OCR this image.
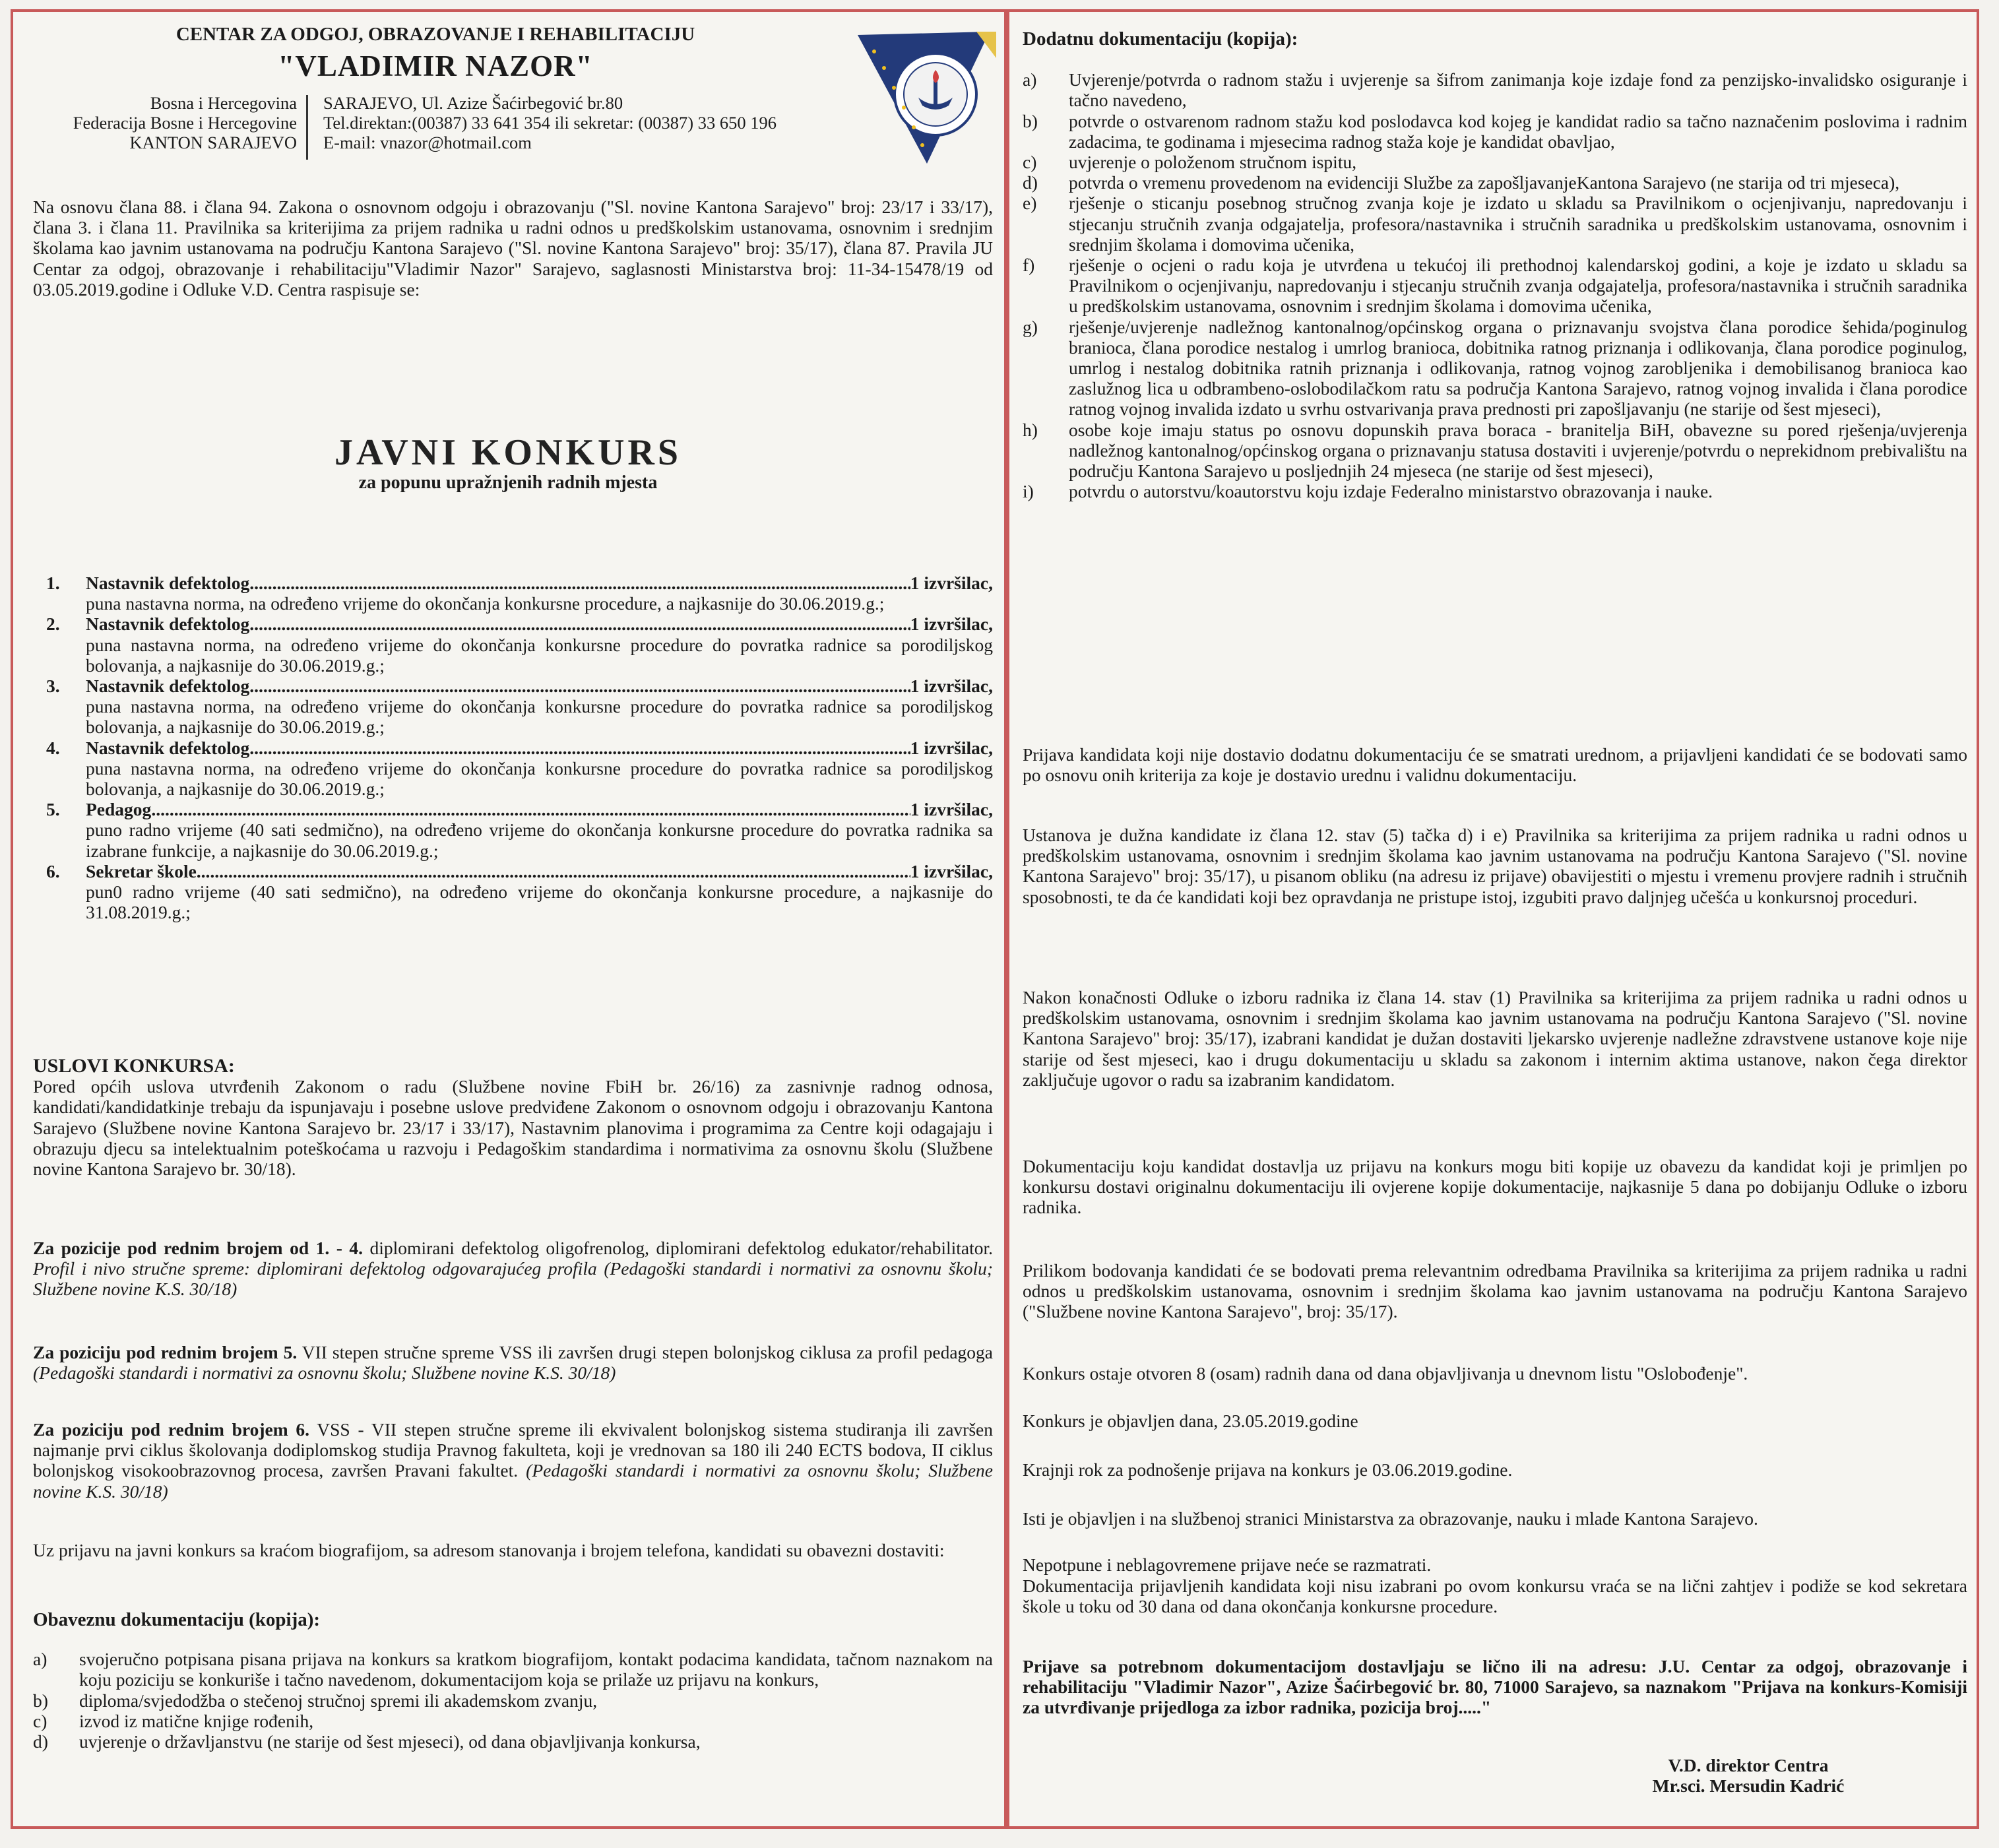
CENTAR ZA ODGOJ, OBRAZOVANJE I REHABILITACIJU
"VLADIMIR NAZOR"
Bosna i Hercegovina
Federacija Bosne i Hercegovine
KANTON SARAJEVO
SARAJEVO, Ul. Azize Šaćirbegović br.80
Tel.direktan:(00387) 33 641 354 ili sekretar: (00387) 33 650 196
E-mail: vnazor@hotmail.com

Na osnovu člana 88. i člana 94. Zakona o osnovnom odgoju i obrazovanju ("Sl. novine Kantona Sarajevo" broj: 23/17 i 33/17), člana 3. i člana 11. Pravilnika sa kriterijima za prijem radnika u radni odnos u predškolskim ustanovama, osnovnim i srednjim školama kao javnim ustanovama na području Kantona Sarajevo ("Sl. novine Kantona Sarajevo" broj: 35/17), člana 87. Pravila JU Centar za odgoj, obrazovanje i rehabilitaciju"Vladimir Nazor" Sarajevo, saglasnosti Ministarstva broj: 11-34-15478/19 od 03.05.2019.godine i Odluke V.D. Centra raspisuje se:

JAVNI KONKURS
za popunu upražnjenih radnih mjesta
1. Nastavnik defektolog .....	1 izvršilac,
puna nastavna norma, na određeno vrijeme do okončanja konkursne procedure, a najkasnije do 30.06.2019.g.;
2. Nastavnik defektolog .....	1 izvršilac,
puna nastavna norma, na određeno vrijeme do okončanja konkursne procedure do povratka radnice sa porodiljskog bolovanja, a najkasnije do 30.06.2019.g.;
3. Nastavnik defektolog .....	1 izvršilac,
puna nastavna norma, na određeno vrijeme do okončanja konkursne procedure do povratka radnice sa porodiljskog bolovanja, a najkasnije do 30.06.2019.g.;
4. Nastavnik defektolog .....	1 izvršilac,
puna nastavna norma, na određeno vrijeme do okončanja konkursne procedure do povratka radnice sa porodiljskog bolovanja, a najkasnije do 30.06.2019.g.;
5. Pedagog .....	1 izvršilac,
puno radno vrijeme (40 sati sedmično), na određeno vrijeme do okončanja konkursne procedure do povratka radnika sa izabrane funkcije, a najkasnije do 30.06.2019.g.;
6. Sekretar škole .....	1 izvršilac,
pun0 radno vrijeme (40 sati sedmično), na određeno vrijeme do okončanja konkursne procedure, a najkasnije do 31.08.2019.g.;
USLOVI KONKURSA:

Pored općih uslova utvrđenih Zakonom o radu (Službene novine FbiH br. 26/16) za zasnivnje radnog odnosa, kandidati/kandidatkinje trebaju da ispunjavaju i posebne uslove predviđene Zakonom o osnovnom odgoju i obrazovanju Kantona Sarajevo (Službene novine Kantona Sarajevo br. 23/17 i 33/17), Nastavnim planovima i programima za Centre koji odagajaju i obrazuju djecu sa intelektualnim poteškoćama u razvoju i Pedagoškim standardima i normativima za osnovnu školu (Službene novine Kantona Sarajevo br. 30/18).

Za pozicije pod rednim brojem od 1. - 4. diplomirani defektolog oligofrenolog, diplomirani defektolog edukator/rehabilitator. Profil i nivo stručne spreme: diplomirani defektolog odgovarajućeg profila (Pedagoški standardi i normativi za osnovnu školu; Službene novine K.S. 30/18)
Za poziciju pod rednim brojem 5. VII stepen stručne spreme VSS ili završen drugi stepen bolonjskog ciklusa za profil pedagoga (Pedagoški standardi i normativi za osnovnu školu; Službene novine K.S. 30/18)
Za poziciju pod rednim brojem 6. VSS - VII stepen stručne spreme ili ekvivalent bolonjskog sistema studiranja ili završen najmanje prvi ciklus školovanja dodiplomskog studija Pravnog fakulteta, koji je vrednovan sa 180 ili 240 ECTS bodova, II ciklus bolonjskog visokoobrazovnog procesa, završen Pravani fakultet. (Pedagoški standardi i normativi za osnovnu školu; Službene novine K.S. 30/18)
Uz prijavu na javni konkurs sa kraćom biografijom, sa adresom stanovanja i brojem telefona, kandidati su obavezni dostaviti:
Obaveznu dokumentaciju (kopija):
a) svojeručno potpisana pisana prijava na konkurs sa kratkom biografijom, kontakt podacima kandidata, tačnom naznakom na koju poziciju se konkuriše i tačno navedenom, dokumentacijom koja se prilaže uz prijavu na konkurs,
b) diploma/svjedodžba o stečenoj stručnoj spremi ili akademskom zvanju,
c) izvod iz matične knjige rođenih,
d) uvjerenje o državljanstvu (ne starije od šest mjeseci), od dana objavljivanja konkursa,
Dodatnu dokumentaciju (kopija):
a) Uvjerenje/potvrda o radnom stažu i uvjerenje sa šifrom zanimanja koje izdaje fond za penzijsko-invalidsko osiguranje i tačno navedeno,
b) potvrde o ostvarenom radnom stažu kod poslodavca kod kojeg je kandidat radio sa tačno naznačenim poslovima i radnim zadacima, te godinama i mjesecima radnog staža koje je kandidat obavljao,
c) uvjerenje o položenom stručnom ispitu,
d) potvrda o vremenu provedenom na evidenciji Službe za zapošljavanjeKantona Sarajevo (ne starija od tri mjeseca),
e) rješenje o sticanju posebnog stručnog zvanja koje je izdato u skladu sa Pravilnikom o ocjenjivanju, napredovanju i stjecanju stručnih zvanja odgajatelja, profesora/nastavnika i stručnih saradnika u predškolskim ustanovama, osnovnim i srednjim školama i domovima učenika,
f) rješenje o ocjeni o radu koja je utvrđena u tekućoj ili prethodnoj kalendarskoj godini, a koje je izdato u skladu sa Pravilnikom o ocjenjivanju, napredovanju i stjecanju stručnih zvanja odgajatelja, profesora/nastavnika i stručnih saradnika u predškolskim ustanovama, osnovnim i srednjim školama i domovima učenika,
g) rješenje/uvjerenje nadležnog kantonalnog/općinskog organa o priznavanju svojstva člana porodice šehida/poginulog branioca, člana porodice nestalog i umrlog branioca, dobitnika ratnog priznanja i odlikovanja, člana porodice poginulog, umrlog i nestalog dobitnika ratnih priznanja i odlikovanja, ratnog vojnog zarobljenika i demobilisanog branioca kao zaslužnog lica u odbrambeno-oslobodilačkom ratu sa područja Kantona Sarajevo, ratnog vojnog invalida i člana porodice ratnog vojnog invalida izdato u svrhu ostvarivanja prava prednosti pri zapošljavanju (ne starije od šest mjeseci),
h) osobe koje imaju status po osnovu dopunskih prava boraca - branitelja BiH, obavezne su pored rješenja/uvjerenja nadležnog kantonalnog/općinskog organa o priznavanju statusa dostaviti i uvjerenje/potvrdu o neprekidnom prebivalištu na području Kantona Sarajevo u posljednjih 24 mjeseca (ne starije od šest mjeseci),
i) potvrdu o autorstvu/koautorstvu koju izdaje Federalno ministarstvo obrazovanja i nauke.

Prijava kandidata koji nije dostavio dodatnu dokumentaciju će se smatrati urednom, a prijavljeni kandidati će se bodovati samo po osnovu onih kriterija za koje je dostavio urednu i validnu dokumentaciju.

Ustanova je dužna kandidate iz člana 12. stav (5) tačka d) i e) Pravilnika sa kriterijima za prijem radnika u radni odnos u predškolskim ustanovama, osnovnim i srednjim školama kao javnim ustanovama na području Kantona Sarajevo ("Sl. novine Kantona Sarajevo" broj: 35/17), u pisanom obliku (na adresu iz prijave) obavijestiti o mjestu i vremenu provjere radnih i stručnih sposobnosti, te da će kandidati koji bez opravdanja ne pristupe istoj, izgubiti pravo daljnjeg učešća u konkursnoj proceduri.

Nakon konačnosti Odluke o izboru radnika iz člana 14. stav (1) Pravilnika sa kriterijima za prijem radnika u radni odnos u predškolskim ustanovama, osnovnim i srednjim školama kao javnim ustanovama na području Kantona Sarajevo ("Sl. novine Kantona Sarajevo" broj: 35/17), izabrani kandidat je dužan dostaviti ljekarsko uvjerenje nadležne zdravstvene ustanove koje nije starije od šest mjeseci, kao i drugu dokumentaciju u skladu sa zakonom i internim aktima ustanove, nakon čega direktor zaključuje ugovor o radu sa izabranim kandidatom.

Dokumentaciju koju kandidat dostavlja uz prijavu na konkurs mogu biti kopije uz obavezu da kandidat koji je primljen po konkursu dostavi originalnu dokumentaciju ili ovjerene kopije dokumentacije, najkasnije 5 dana po dobijanju Odluke o izboru radnika.

Prilikom bodovanja kandidati će se bodovati prema relevantnim odredbama Pravilnika sa kriterijima za prijem radnika u radni odnos u predškolskim ustanovama, osnovnim i srednjim školama kao javnim ustanovama na području Kantona Sarajevo ("Službene novine Kantona Sarajevo", broj: 35/17).

Konkurs ostaje otvoren 8 (osam) radnih dana od dana objavljivanja u dnevnom listu "Oslobođenje".

Konkurs je objavljen dana, 23.05.2019.godine

Krajnji rok za podnošenje prijava na konkurs je 03.06.2019.godine.

Isti je objavljen i na službenoj stranici Ministarstva za obrazovanje, nauku i mlade Kantona Sarajevo.

Nepotpune i neblagovremene prijave neće se razmatrati.

Dokumentacija prijavljenih kandidata koji nisu izabrani po ovom konkursu vraća se na lični zahtjev i podiže se kod sekretara škole u toku od 30 dana od dana okončanja konkursne procedure.

Prijave sa potrebnom dokumentacijom dostavljaju se lično ili na adresu: J.U. Centar za odgoj, obrazovanje i rehabilitaciju "Vladimir Nazor", Azize Šaćirbegović br. 80, 71000 Sarajevo, sa naznakom "Prijava na konkurs-Komisiji za utvrđivanje prijedloga za izbor radnika, pozicija broj....."

V.D. direktor Centra
Mr.sci. Mersudin Kadrić
